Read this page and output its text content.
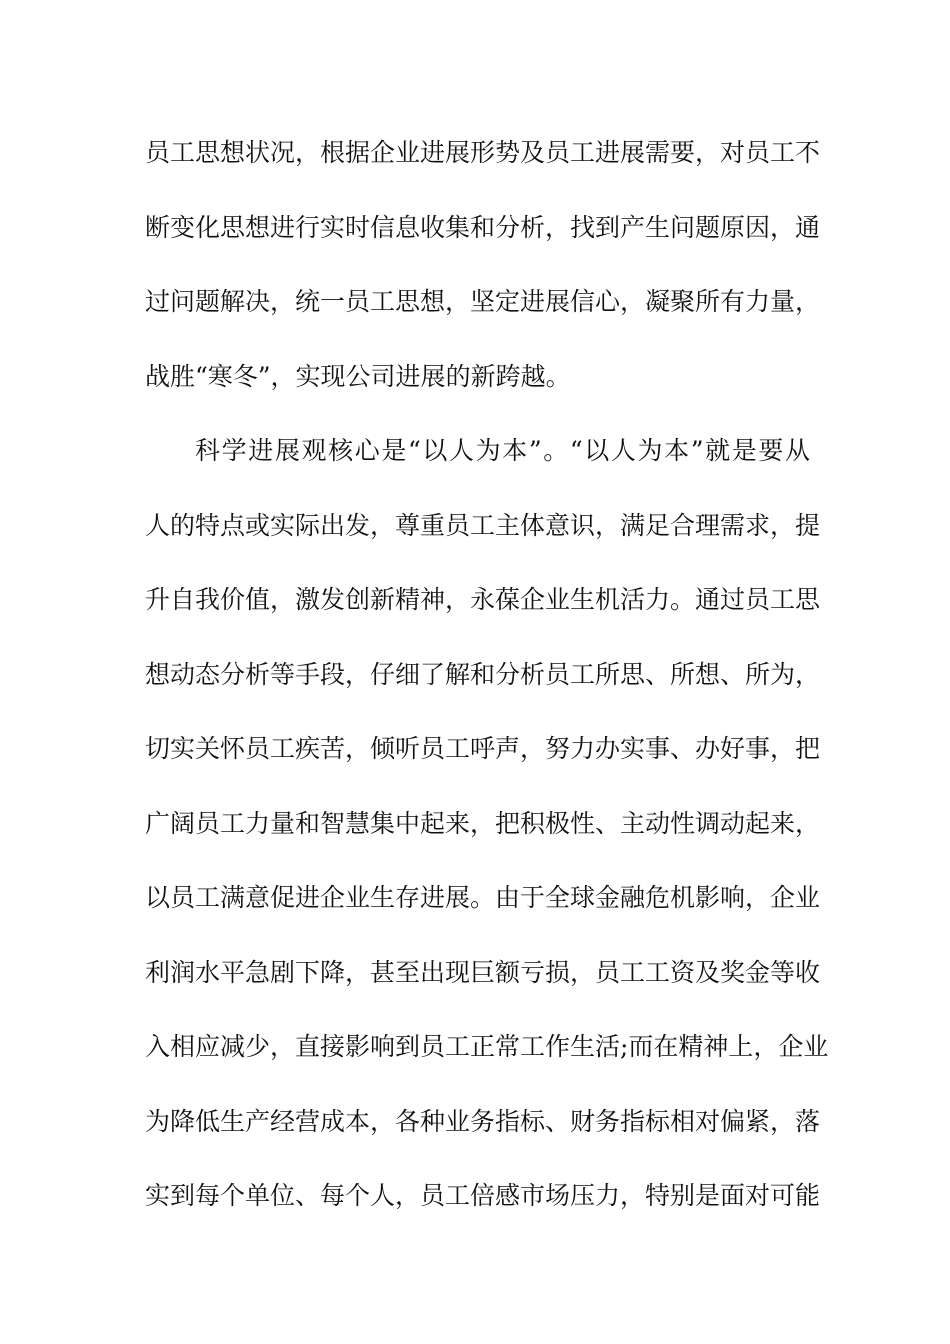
员工思想状况，根据企业进展形势及员工进展需要，对员工不
断变化思想进行实时信息收集和分析，找到产生问题原因，通
过问题解决，统一员工思想，坚定进展信心，凝聚所有力量，
战胜“寒冬”，实现公司进展的新跨越。
科学进展观核心是“以人为本”。“以人为本”就是要从
人的特点或实际出发，尊重员工主体意识，满足合理需求，提
升自我价值，激发创新精神，永葆企业生机活力。通过员工思
想动态分析等手段，仔细了解和分析员工所思、所想、所为，
切实关怀员工疾苦，倾听员工呼声，努力办实事、办好事，把
广阔员工力量和智慧集中起来，把积极性、主动性调动起来，
以员工满意促进企业生存进展。由于全球金融危机影响，企业
利润水平急剧下降，甚至出现巨额亏损，员工工资及奖金等收
入相应减少，直接影响到员工正常工作生活;而在精神上，企业
为降低生产经营成本，各种业务指标、财务指标相对偏紧，落
实到每个单位、每个人，员工倍感市场压力，特别是面对可能
